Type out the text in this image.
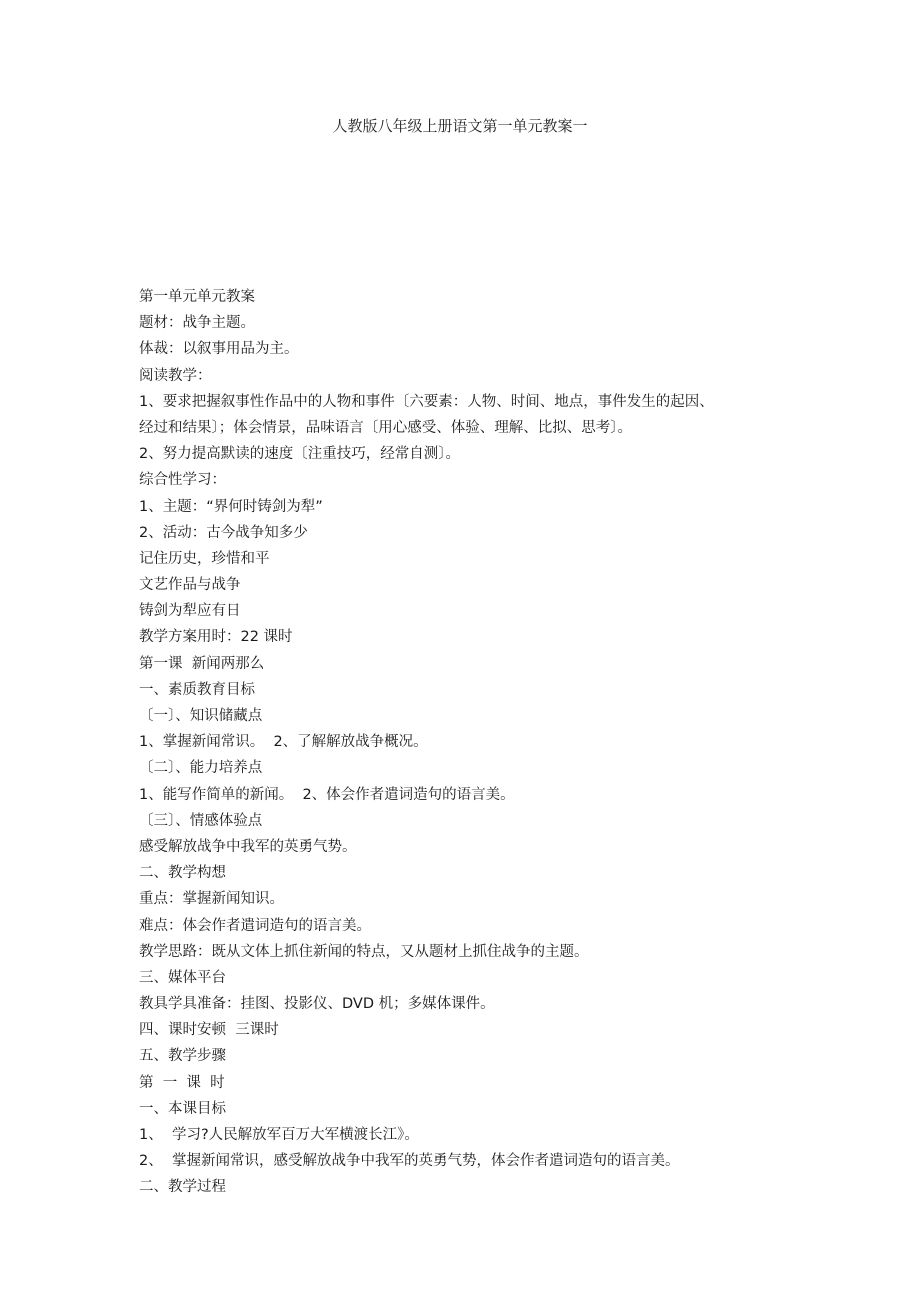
人教版八年级上册语文第一单元教案一
第一单元单元教案
题材：战争主题。
体裁：以叙事用品为主。
阅读教学：
1、要求把握叙事性作品中的人物和事件〔六要素：人物、时间、地点，事件发生的起因、
经过和结果〕；体会情景，品味语言〔用心感受、体验、理解、比拟、思考〕。
2、努力提高默读的速度〔注重技巧，经常自测〕。
综合性学习：
1、主题：“界何时铸剑为犁”
2、活动：古今战争知多少
记住历史，珍惜和平
文艺作品与战争
铸剑为犁应有日
教学方案用时：22 课时
第一课  新闻两那么
一、素质教育目标
〔一〕、知识储藏点
1、掌握新闻常识。  2、了解解放战争概况。
〔二〕、能力培养点
1、能写作简单的新闻。  2、体会作者遣词造句的语言美。
〔三〕、情感体验点
感受解放战争中我军的英勇气势。
二、教学构想
重点：掌握新闻知识。
难点：体会作者遣词造句的语言美。
教学思路：既从文体上抓住新闻的特点，又从题材上抓住战争的主题。
三、媒体平台
教具学具准备：挂图、投影仪、DVD 机；多媒体课件。
四、课时安顿  三课时
五、教学步骤
第  一  课  时
一、本课目标
1、  学习?人民解放军百万大军横渡长江》。
2、  掌握新闻常识，感受解放战争中我军的英勇气势，体会作者遣词造句的语言美。
二、教学过程
